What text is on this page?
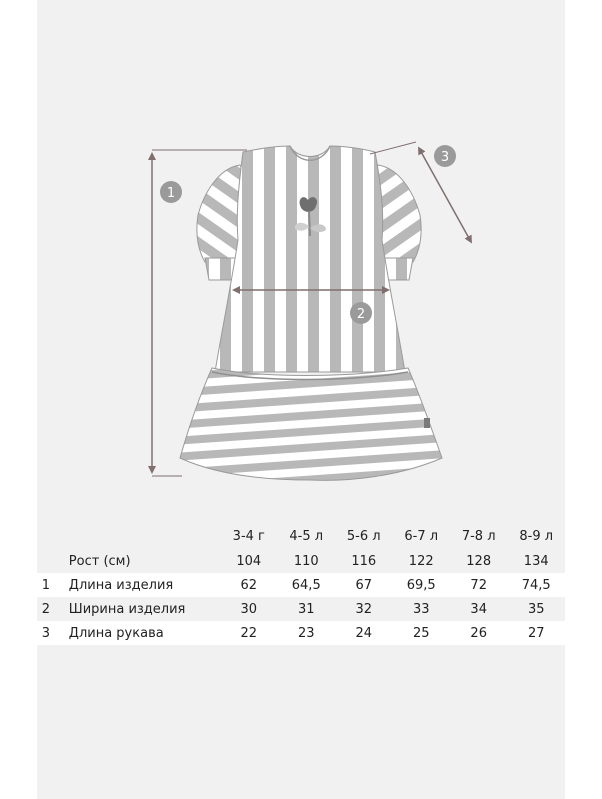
1
2
3
		3-4 г	4-5 л	5-6 л	6-7 л	7-8 л	8-9 л
	Рост (см)	104	110	116	122	128	134
1	Длина изделия	62	64,5	67	69,5	72	74,5
2	Ширина изделия	30	31	32	33	34	35
3	Длина рукава	22	23	24	25	26	27
